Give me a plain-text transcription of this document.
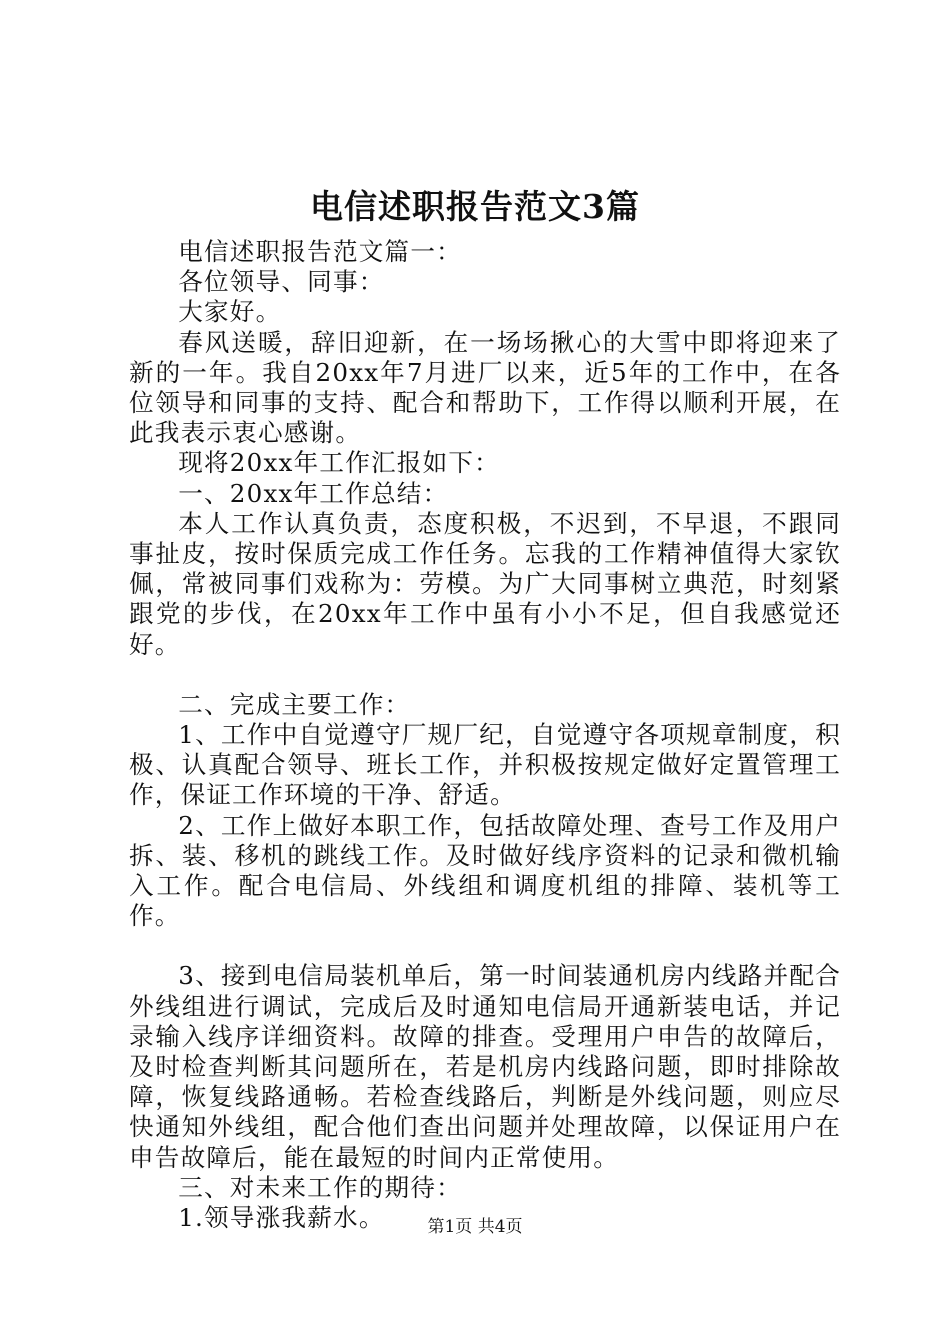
电信述职报告范文3篇

电信述职报告范文篇一：

各位领导、同事：

大家好。

春风送暖，辞旧迎新，在一场场揪心的大雪中即将迎来了新的一年。我自20xx年7月进厂以来，近5年的工作中，在各位领导和同事的支持、配合和帮助下，工作得以顺利开展，在此我表示衷心感谢。

现将20xx年工作汇报如下：

一、20xx年工作总结：

本人工作认真负责，态度积极，不迟到，不早退，不跟同事扯皮，按时保质完成工作任务。忘我的工作精神值得大家钦佩，常被同事们戏称为：劳模。为广大同事树立典范，时刻紧跟党的步伐，在20xx年工作中虽有小小不足，但自我感觉还好。

二、完成主要工作：

1、工作中自觉遵守厂规厂纪，自觉遵守各项规章制度，积极、认真配合领导、班长工作，并积极按规定做好定置管理工作，保证工作环境的干净、舒适。

2、工作上做好本职工作，包括故障处理、查号工作及用户拆、装、移机的跳线工作。及时做好线序资料的记录和微机输入工作。配合电信局、外线组和调度机组的排障、装机等工作。

3、接到电信局装机单后，第一时间装通机房内线路并配合外线组进行调试，完成后及时通知电信局开通新装电话，并记录输入线序详细资料。故障的排查。受理用户申告的故障后，及时检查判断其问题所在，若是机房内线路问题，即时排除故障，恢复线路通畅。若检查线路后，判断是外线问题，则应尽快通知外线组，配合他们查出问题并处理故障，以保证用户在申告故障后，能在最短的时间内正常使用。

三、对未来工作的期待：

1.领导涨我薪水。	第1页 共4页
